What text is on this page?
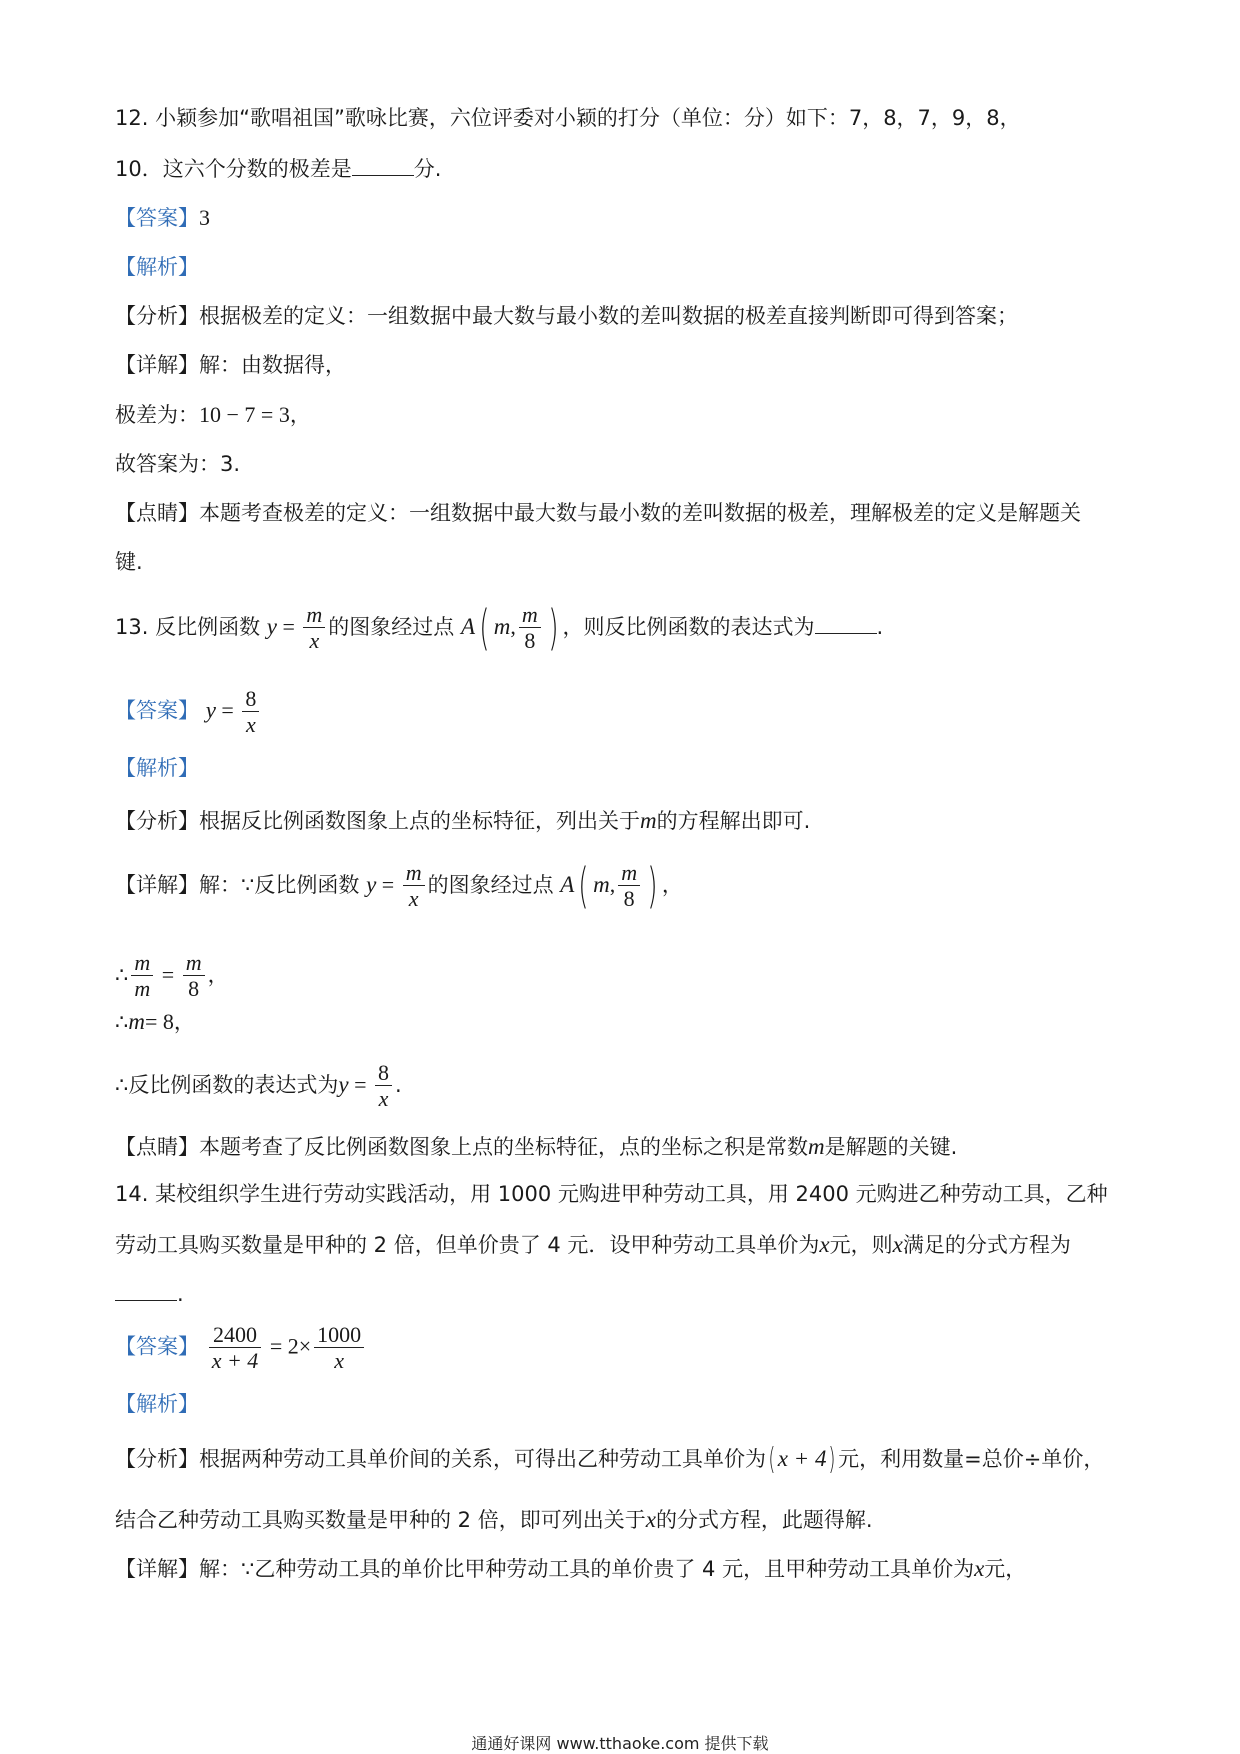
12. 小颖参加“歌唱祖国”歌咏比赛，六位评委对小颖的打分（单位：分）如下：7，8，7，9，8，
10．这六个分数的极差是	分.
【答案】3
【解析】
【分析】根据极差的定义：一组数据中最大数与最小数的差叫数据的极差直接判断即可得到答案；
【详解】解：由数据得，
极差为：10 − 7 = 3，
故答案为：3.
【点睛】本题考查极差的定义：一组数据中最大数与最小数的差叫数据的极差，理解极差的定义是解题关
键.
13. 反比例函数 $y = \frac{m}{x}$ 的图象经过点 A( m, $\frac{m}{8}$ ) ，则反比例函数的表达式为	.
【答案】 $y = \frac{8}{x}$
【解析】
【分析】根据反比例函数图象上点的坐标特征，列出关于m的方程解出即可.
【详解】解：∵反比例函数 $y = \frac{m}{x}$ 的图象经过点 A( m, $\frac{m}{8}$ ) ，
∴ $\frac{m}{m} = \frac{m}{8}$ ，
∴m= 8，
∴反比例函数的表达式为$y = \frac{8}{x}$ .
【点睛】本题考查了反比例函数图象上点的坐标特征，点的坐标之积是常数m是解题的关键.
14. 某校组织学生进行劳动实践活动，用 1000 元购进甲种劳动工具，用 2400 元购进乙种劳动工具，乙种
劳动工具购买数量是甲种的 2 倍，但单价贵了 4 元．设甲种劳动工具单价为x元，则x满足的分式方程为
.
【答案】 $\frac{2400}{x + 4} = 2\times \frac{1000}{x}$
【解析】
【分析】根据两种劳动工具单价间的关系，可得出乙种劳动工具单价为( x + 4) 元，利用数量=总价÷单价，
结合乙种劳动工具购买数量是甲种的 2 倍，即可列出关于x的分式方程，此题得解.
【详解】解：∵乙种劳动工具的单价比甲种劳动工具的单价贵了 4 元，且甲种劳动工具单价为x元，
通通好课网 www.tthaoke.com 提供下载
